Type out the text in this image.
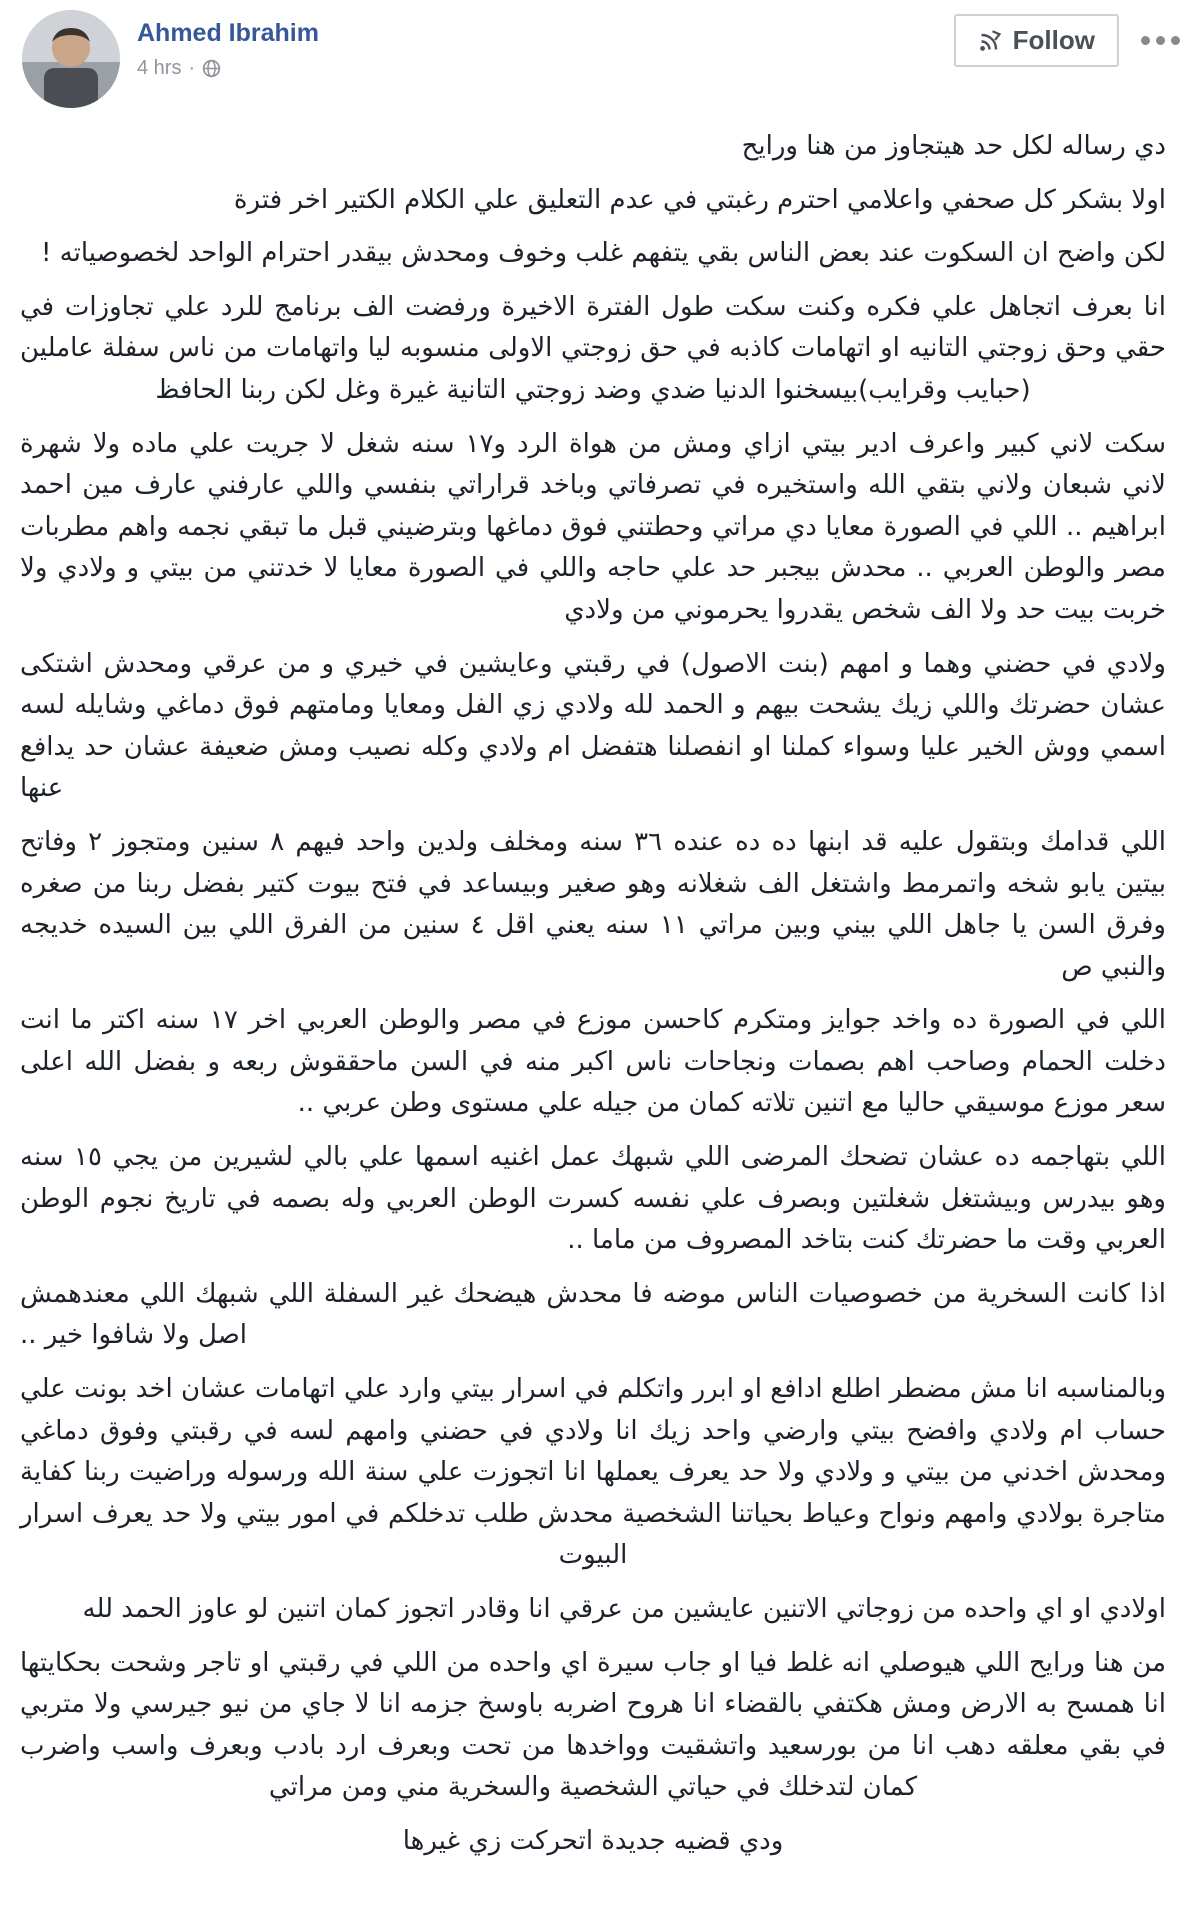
Ahmed Ibrahim
4 hrs ·
Follow

دي رساله لكل حد هيتجاوز من هنا ورايح

اولا بشكر كل صحفي واعلامي احترم رغبتي في عدم التعليق علي الكلام الكتير اخر فترة

لكن واضح ان السكوت عند بعض الناس بقي يتفهم غلب وخوف ومحدش بيقدر احترام الواحد لخصوصياته !

انا بعرف اتجاهل علي فكره وكنت سكت طول الفترة الاخيرة ورفضت الف برنامج للرد علي تجاوزات في حقي وحق زوجتي التانيه او اتهامات كاذبه في حق زوجتي الاولى منسوبه ليا واتهامات من ناس سفلة عاملين (حبايب وقرايب)بيسخنوا الدنيا ضدي وضد زوجتي التانية غيرة وغل لكن ربنا الحافظ

سكت لاني كبير واعرف ادير بيتي ازاي ومش من هواة الرد و١٧ سنه شغل لا جريت علي ماده ولا شهرة لاني شبعان ولاني بتقي الله واستخيره في تصرفاتي وباخد قراراتي بنفسي واللي عارفني عارف مين احمد ابراهيم .. اللي في الصورة معايا دي مراتي وحطتني فوق دماغها وبترضيني قبل ما تبقي نجمه واهم مطربات مصر والوطن العربي .. محدش بيجبر حد علي حاجه واللي في الصورة معايا لا خدتني من بيتي و ولادي ولا خربت بيت حد ولا الف شخص يقدروا يحرموني من ولادي

ولادي في حضني وهما و امهم (بنت الاصول) في رقبتي وعايشين في خيري و من عرقي ومحدش اشتكى عشان حضرتك واللي زيك يشحت بيهم و الحمد لله ولادي زي الفل ومعايا ومامتهم فوق دماغي وشايله لسه اسمي ووش الخير عليا وسواء كملنا او انفصلنا هتفضل ام ولادي وكله نصيب ومش ضعيفة عشان حد يدافع عنها

اللي قدامك وبتقول عليه قد ابنها ده ده عنده ٣٦ سنه ومخلف ولدين واحد فيهم ٨ سنين ومتجوز ٢ وفاتح بيتين يابو شخه واتمرمط واشتغل الف شغلانه وهو صغير وبيساعد في فتح بيوت كتير بفضل ربنا من صغره وفرق السن يا جاهل اللي بيني وبين مراتي ١١ سنه يعني اقل ٤ سنين من الفرق اللي بين السيده خديجه والنبي ص

اللي في الصورة ده واخد جوايز ومتكرم كاحسن موزع في مصر والوطن العربي اخر ١٧ سنه اكتر ما انت دخلت الحمام وصاحب اهم بصمات ونجاحات ناس اكبر منه في السن ماحققوش ربعه و بفضل الله اعلى سعر موزع موسيقي حاليا مع اتنين تلاته كمان من جيله علي مستوى وطن عربي ..

اللي بتهاجمه ده عشان تضحك المرضى اللي شبهك عمل اغنيه اسمها علي بالي لشيرين من يجي ١٥ سنه وهو بيدرس وبيشتغل شغلتين وبصرف علي نفسه كسرت الوطن العربي وله بصمه في تاريخ نجوم الوطن العربي وقت ما حضرتك كنت بتاخد المصروف من ماما ..

اذا كانت السخرية من خصوصيات الناس موضه فا محدش هيضحك غير السفلة اللي شبهك اللي معندهمش اصل ولا شافوا خير ..

وبالمناسبه انا مش مضطر اطلع ادافع او ابرر واتكلم في اسرار بيتي وارد علي اتهامات عشان اخد بونت علي حساب ام ولادي وافضح بيتي وارضي واحد زيك انا ولادي في حضني وامهم لسه في رقبتي وفوق دماغي ومحدش اخدني من بيتي و ولادي ولا حد يعرف يعملها انا اتجوزت علي سنة الله ورسوله وراضيت ربنا كفاية متاجرة بولادي وامهم ونواح وعياط بحياتنا الشخصية محدش طلب تدخلكم في امور بيتي ولا حد يعرف اسرار البيوت

اولادي او اي واحده من زوجاتي الاتنين عايشين من عرقي انا وقادر اتجوز كمان اتنين لو عاوز الحمد لله

من هنا ورايح اللي هيوصلي انه غلط فيا او جاب سيرة اي واحده من اللي في رقبتي او تاجر وشحت بحكايتها انا همسح به الارض ومش هكتفي بالقضاء انا هروح اضربه باوسخ جزمه انا لا جاي من نيو جيرسي ولا متربي في بقي معلقه دهب انا من بورسعيد واتشقيت وواخدها من تحت وبعرف ارد بادب وبعرف واسب واضرب كمان لتدخلك في حياتي الشخصية والسخرية مني ومن مراتي

ودي قضيه جديدة اتحركت زي غيرها
